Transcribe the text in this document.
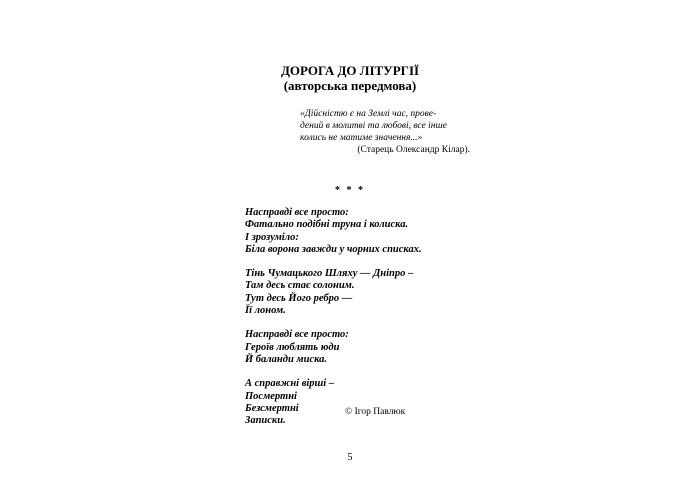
ДОРОГА ДО ЛІТУРГІЇ
(авторська передмова)
«Дійсністю є на Землі час, прове-
дений в молитві та любові, все інше
колись не матиме значення...»
(Старець Олександр Кілар).
* * *
Насправді все просто:
Фатально подібні труна і колиска.
І зрозуміло:
Біла ворона завжди у чорних списках.
Тінь Чумацького Шляху — Дніпро –
Там десь стає солоним.
Тут десь Його ребро —
Її лоном.
Насправді все просто:
Героїв люблять юди
Й баланди миска.
А справжні вірші –
Посмертні
Безсмертні
Записки.
© Ігор Павлюк
5
